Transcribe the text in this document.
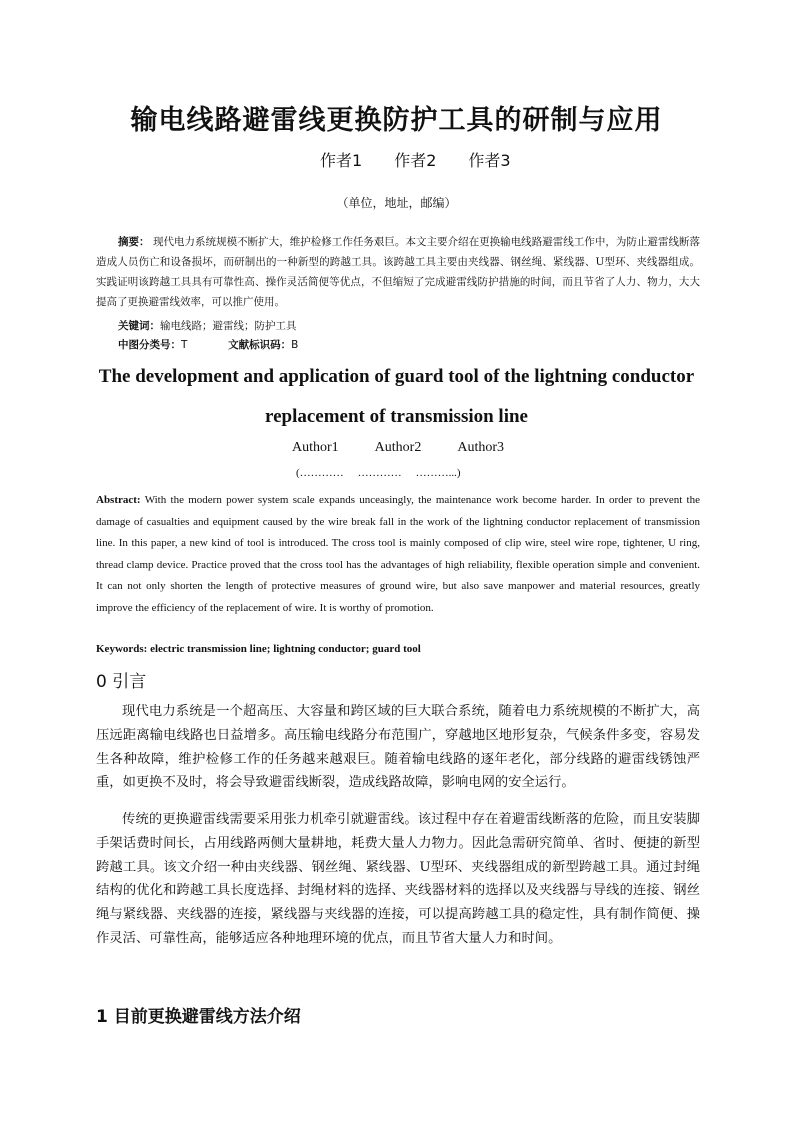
输电线路避雷线更换防护工具的研制与应用
作者1 作者2 作者3
（单位，地址，邮编）
摘要： 现代电力系统规模不断扩大，维护检修工作任务艰巨。本文主要介绍在更换输电线路避雷线工作中，为防止避雷线断落造成人员伤亡和设备损坏，而研制出的一种新型的跨越工具。该跨越工具主要由夹线器、钢丝绳、紧线器、U型环、夹线器组成。实践证明该跨越工具具有可靠性高、操作灵活简便等优点，不但缩短了完成避雷线防护措施的时间，而且节省了人力、物力，大大提高了更换避雷线效率，可以推广使用。
关键词：输电线路；避雷线；防护工具
中图分类号：T	文献标识码：B
The development and application of guard tool of the lightning conductor
replacement of transmission line
Author1	Author2	Author3
(………… ………… ………...)
Abstract: With the modern power system scale expands unceasingly, the maintenance work become harder. In order to prevent the damage of casualties and equipment caused by the wire break fall in the work of the lightning conductor replacement of transmission line. In this paper, a new kind of tool is introduced. The cross tool is mainly composed of clip wire, steel wire rope, tightener, U ring, thread clamp device. Practice proved that the cross tool has the advantages of high reliability, flexible operation simple and convenient. It can not only shorten the length of protective measures of ground wire, but also save manpower and material resources, greatly improve the efficiency of the replacement of wire. It is worthy of promotion.
Keywords: electric transmission line; lightning conductor; guard tool
0 引言
现代电力系统是一个超高压、大容量和跨区域的巨大联合系统，随着电力系统规模的不断扩大，高压远距离输电线路也日益增多。高压输电线路分布范围广，穿越地区地形复杂，气候条件多变，容易发生各种故障，维护检修工作的任务越来越艰巨。随着输电线路的逐年老化，部分线路的避雷线锈蚀严重，如更换不及时，将会导致避雷线断裂，造成线路故障，影响电网的安全运行。
传统的更换避雷线需要采用张力机牵引就避雷线。该过程中存在着避雷线断落的危险，而且安装脚手架话费时间长，占用线路两侧大量耕地，耗费大量人力物力。因此急需研究简单、省时、便捷的新型跨越工具。该文介绍一种由夹线器、钢丝绳、紧线器、U型环、夹线器组成的新型跨越工具。通过封绳结构的优化和跨越工具长度选择、封绳材料的选择、夹线器材料的选择以及夹线器与导线的连接、钢丝绳与紧线器、夹线器的连接，紧线器与夹线器的连接，可以提高跨越工具的稳定性，具有制作简便、操作灵活、可靠性高，能够适应各种地理环境的优点，而且节省大量人力和时间。
1 目前更换避雷线方法介绍
